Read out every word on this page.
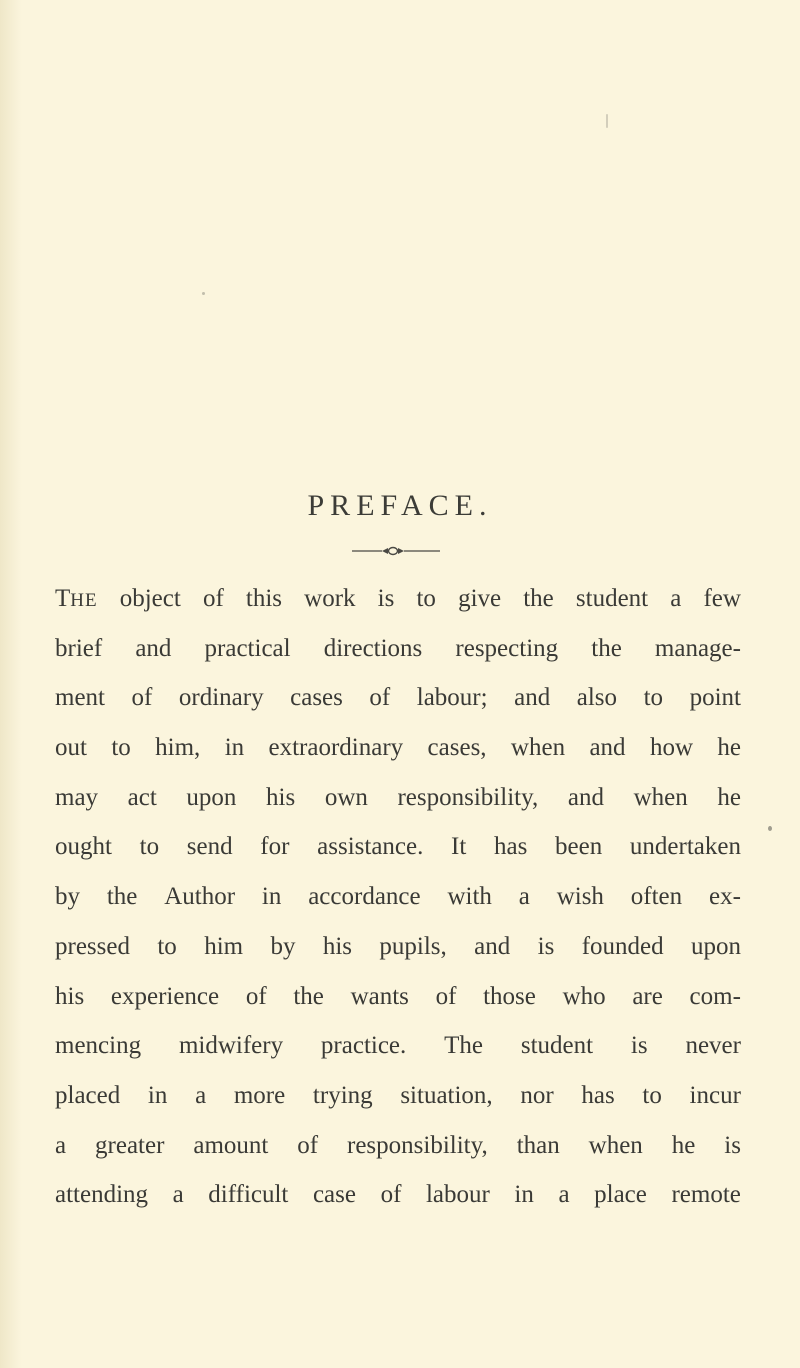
PREFACE.
THE object of this work is to give the student a few
brief and practical directions respecting the manage-
ment of ordinary cases of labour; and also to point
out to him, in extraordinary cases, when and how he
may act upon his own responsibility, and when he
ought to send for assistance. It has been undertaken
by the Author in accordance with a wish often ex-
pressed to him by his pupils, and is founded upon
his experience of the wants of those who are com-
mencing midwifery practice. The student is never
placed in a more trying situation, nor has to incur
a greater amount of responsibility, than when he is
attending a difficult case of labour in a place remote
